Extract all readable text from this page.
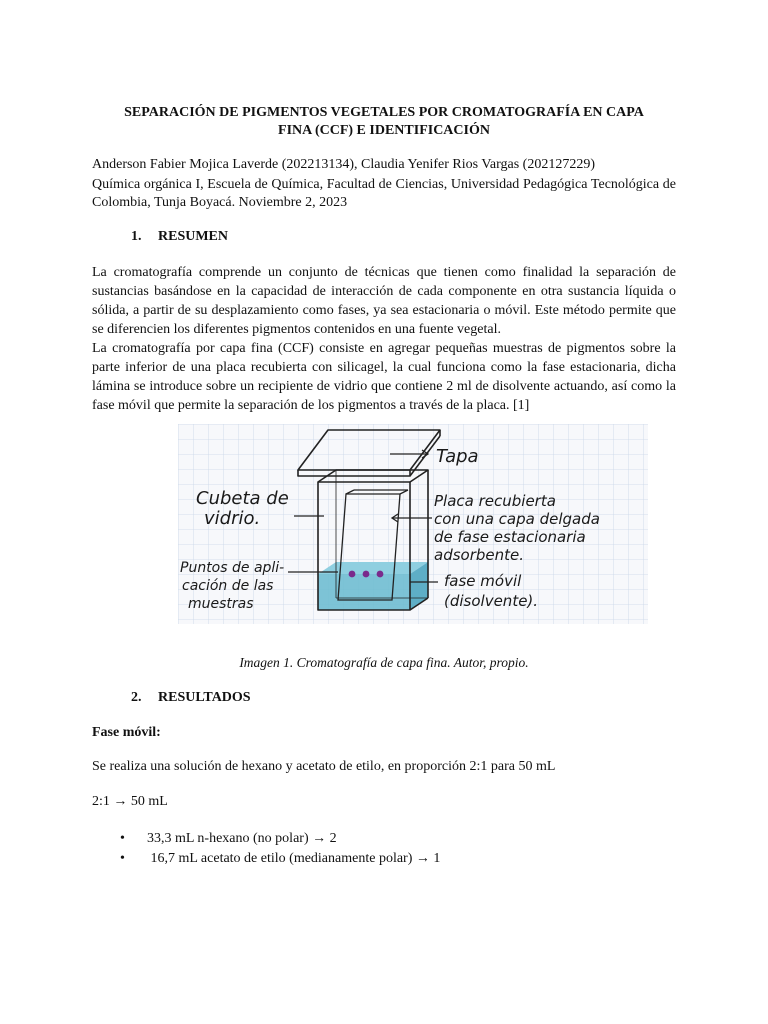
SEPARACIÓN DE PIGMENTOS VEGETALES POR CROMATOGRAFÍA EN CAPA
FINA (CCF) E IDENTIFICACIÓN
Anderson Fabier Mojica Laverde (202213134), Claudia Yenifer Rios Vargas (202127229)
Química orgánica I, Escuela de Química, Facultad de Ciencias, Universidad Pedagógica Tecnológica de Colombia, Tunja Boyacá. Noviembre 2, 2023
1. RESUMEN
La cromatografía comprende un conjunto de técnicas que tienen como finalidad la separación de sustancias basándose en la capacidad de interacción de cada componente en otra sustancia líquida o sólida, a partir de su desplazamiento como fases, ya sea estacionaria o móvil. Este método permite que se diferencien los diferentes pigmentos contenidos en una fuente vegetal.
La cromatografía por capa fina (CCF) consiste en agregar pequeñas muestras de pigmentos sobre la parte inferior de una placa recubierta con silicagel, la cual funciona como la fase estacionaria, dicha lámina se introduce sobre un recipiente de vidrio que contiene 2 ml de disolvente actuando, así como la fase móvil que permite la separación de los pigmentos a través de la placa. [1]
Imagen 1. Cromatografía de capa fina. Autor, propio.
2. RESULTADOS
Fase móvil:
Se realiza una solución de hexano y acetato de etilo, en proporción 2:1 para 50 mL
2:1 → 50 mL
• 33,3 mL n-hexano (no polar) → 2
• 16,7 mL acetato de etilo (medianamente polar) → 1
Tapa
Cubeta de
vidrio.
Placa recubierta
con una capa delgada
de fase estacionaria
adsorbente.
fase móvil
(disolvente).
Puntos de apli-
cación de las
muestras
